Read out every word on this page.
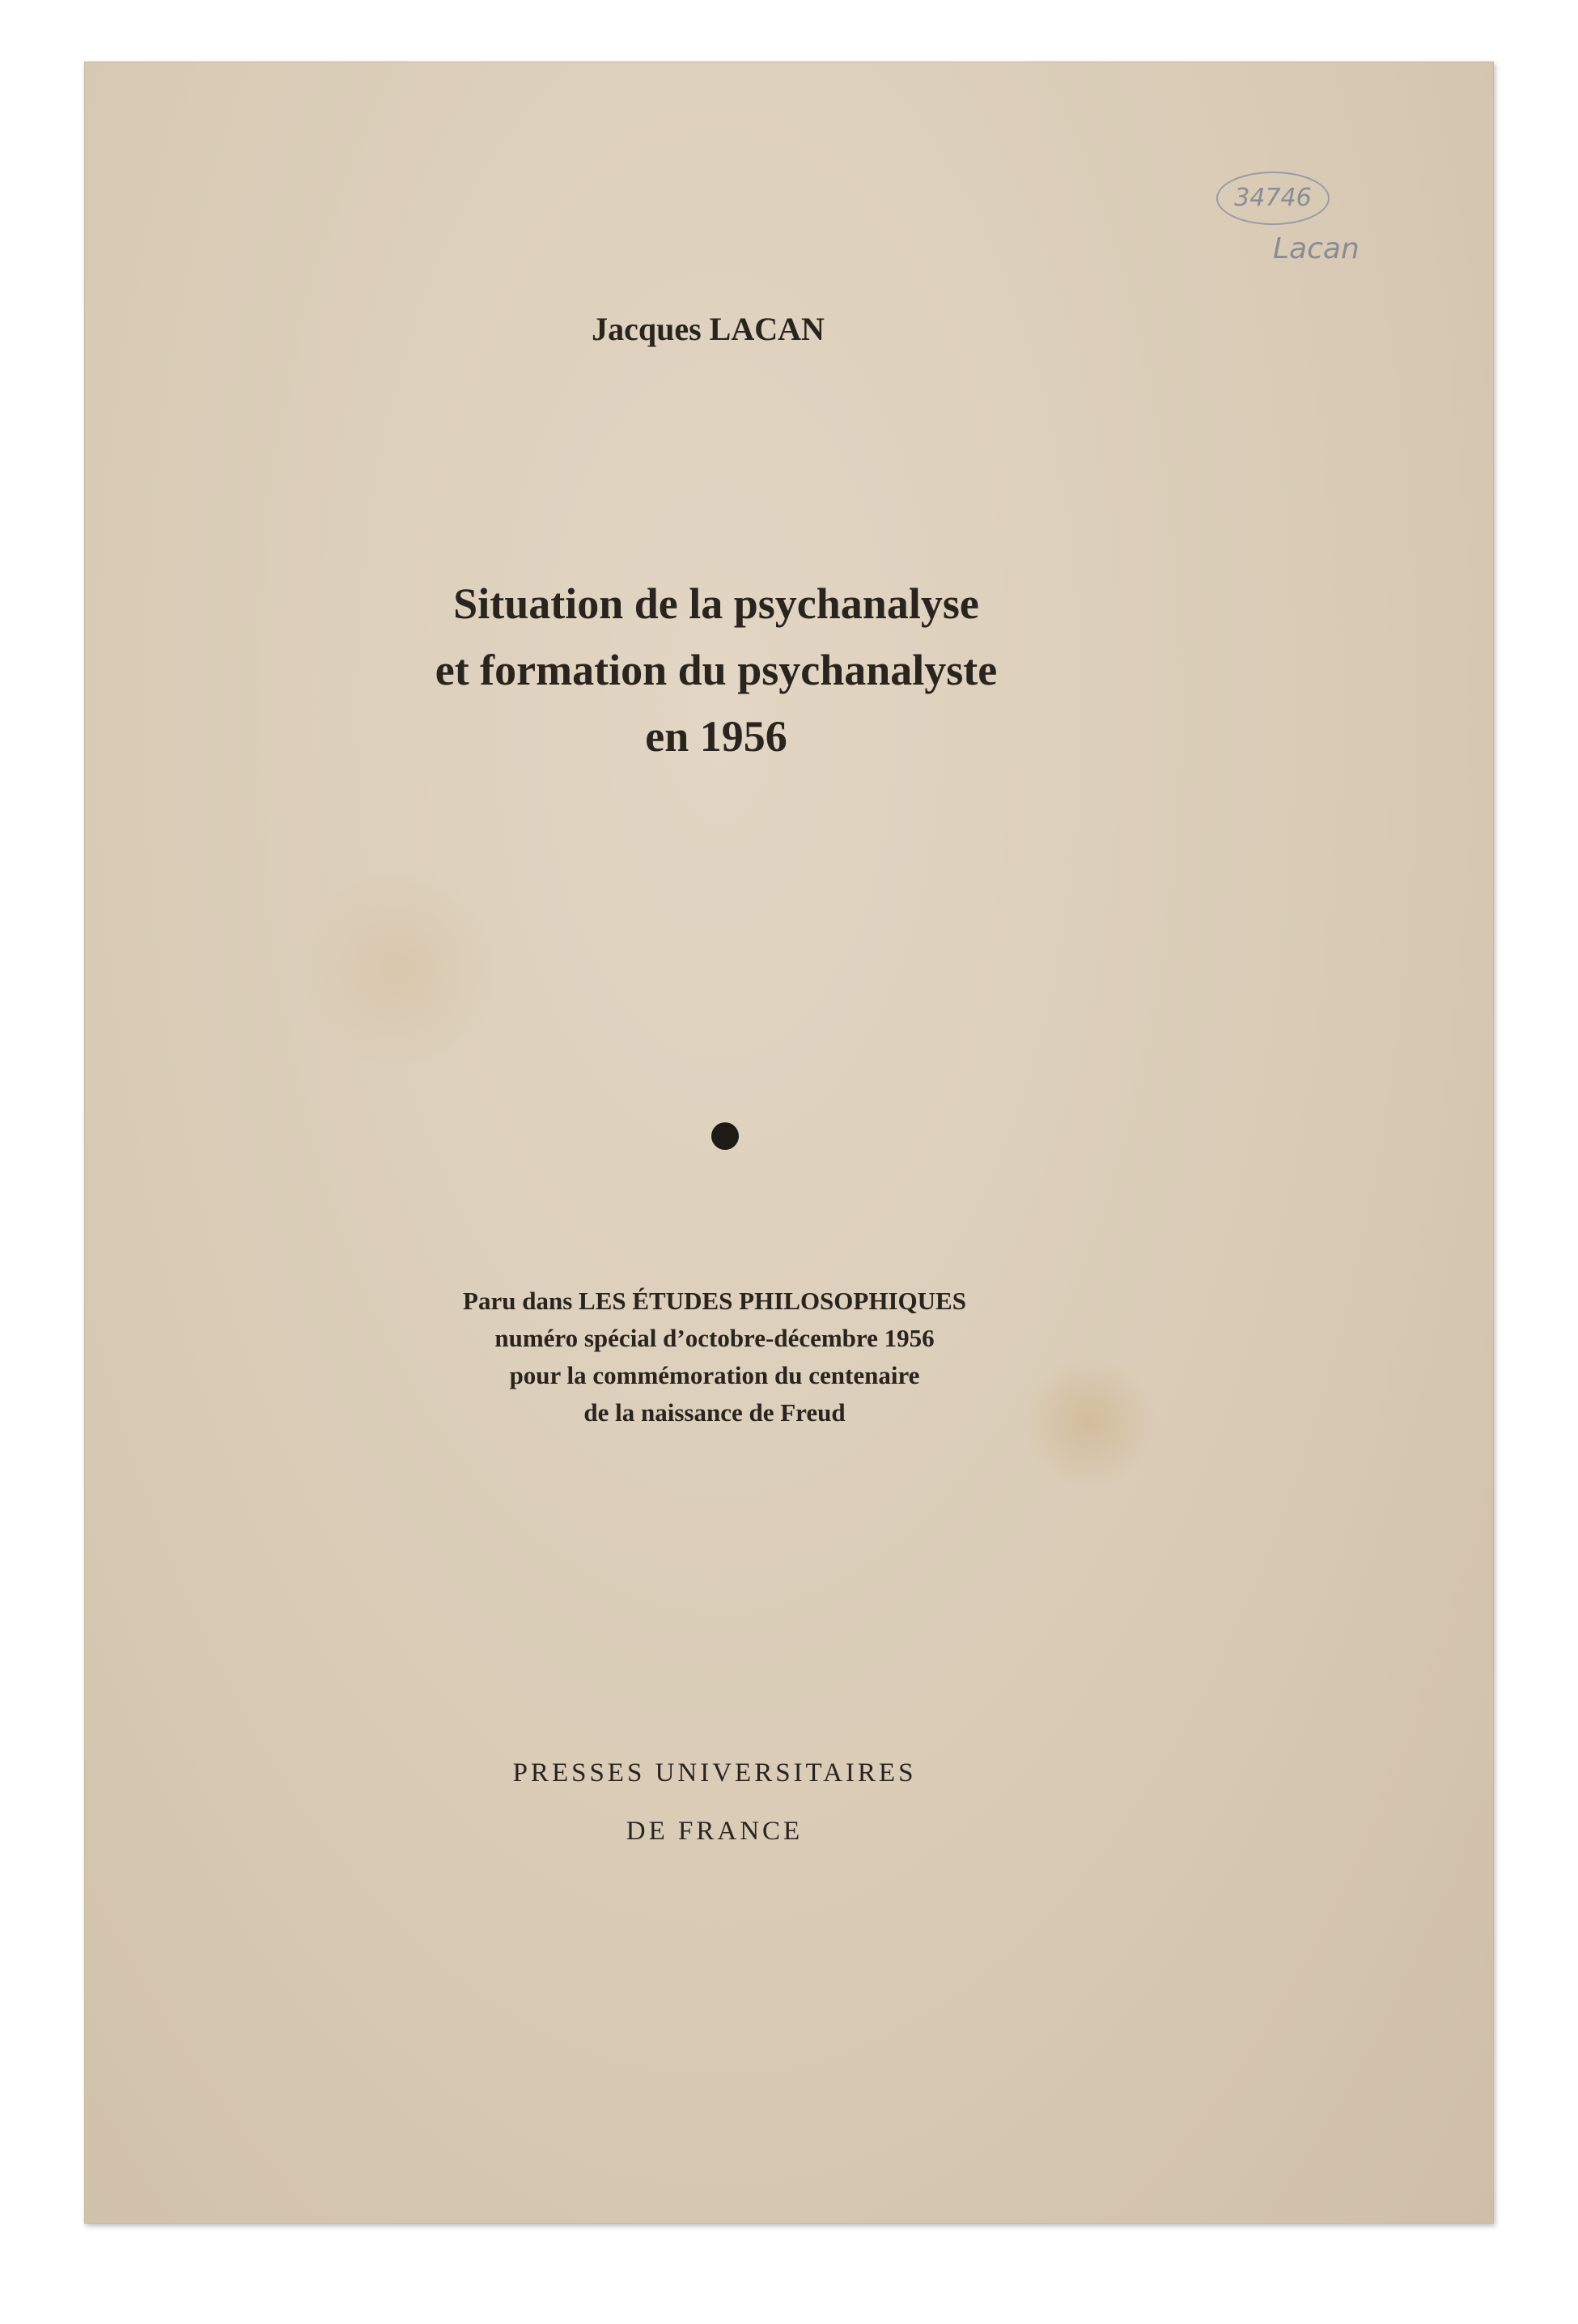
34746
Lacan
Jacques LACAN
Situation de la psychanalyse
et formation du psychanalyste
en 1956
Paru dans LES ÉTUDES PHILOSOPHIQUES
numéro spécial d’octobre-décembre 1956
pour la commémoration du centenaire
de la naissance de Freud
PRESSES UNIVERSITAIRES
DE FRANCE
